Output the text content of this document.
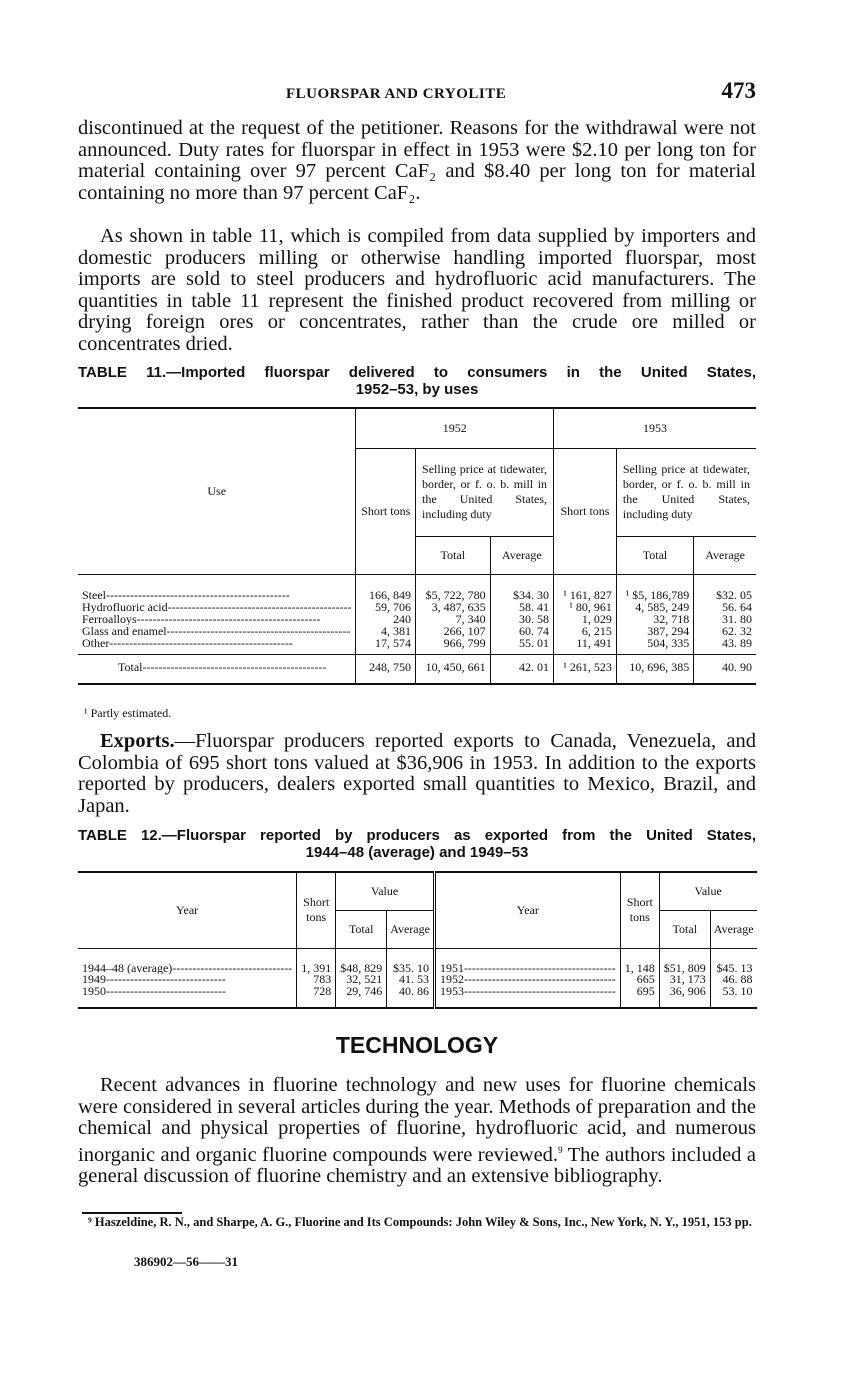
FLUORSPAR AND CRYOLITE	473

discontinued at the request of the petitioner. Reasons for the withdrawal were not announced. Duty rates for fluorspar in effect in 1953 were $2.10 per long ton for material containing over 97 percent CaF₂ and $8.40 per long ton for material containing no more than 97 percent CaF₂.

As shown in table 11, which is compiled from data supplied by importers and domestic producers milling or otherwise handling imported fluorspar, most imports are sold to steel producers and hydrofluoric acid manufacturers. The quantities in table 11 represent the finished product recovered from milling or drying foreign ores or concentrates, rather than the crude ore milled or concentrates dried.

TABLE 11.—Imported fluorspar delivered to consumers in the United States,
1952–53, by uses
Use	1952			1953		
	Short tons	Selling price at tidewater, border, or f. o. b. mill in the United States, including duty		Short tons	Selling price at tidewater, border, or f. o. b. mill in the United States, including duty	
		Total	Average		Total	Average

Steel----------------------------------------------	166, 849	$5, 722, 780	$34. 30	¹ 161, 827	¹ $5, 186,789	$32. 05

Hydrofluoric acid----------------------------------------------	59, 706	3, 487, 635	58. 41	¹ 80, 961	4, 585, 249	56. 64

Ferroalloys----------------------------------------------	240	7, 340	30. 58	1, 029	32, 718	31. 80

Glass and enamel----------------------------------------------	4, 381	266, 107	60. 74	6, 215	387, 294	62. 32

Other----------------------------------------------	17, 574	966, 799	55. 01	11, 491	504, 335	43. 89

Total----------------------------------------------	248, 750	10, 450, 661	42. 01	¹ 261, 523	10, 696, 385	40. 90
¹ Partly estimated.

Exports.—Fluorspar producers reported exports to Canada, Venezuela, and Colombia of 695 short tons valued at $36,906 in 1953. In addition to the exports reported by producers, dealers exported small quantities to Mexico, Brazil, and Japan.

TABLE 12.—Fluorspar reported by producers as exported from the United States,
1944–48 (average) and 1949–53
Year	Short tons	Value		Year	Short tons	Value	
		Total	Average			Total	Average

1944–48 (average)------------------------------	1, 391	$48, 829	$35. 10	1951--------------------------------------	1, 148	$51, 809	$45. 13

1949------------------------------	783	32, 521	41. 53	1952--------------------------------------	665	31, 173	46. 88

1950------------------------------	728	29, 746	40. 86	1953--------------------------------------	695	36, 906	53. 10
TECHNOLOGY

Recent advances in fluorine technology and new uses for fluorine chemicals were considered in several articles during the year. Methods of preparation and the chemical and physical properties of fluorine, hydrofluoric acid, and numerous inorganic and organic fluorine compounds were reviewed.$^9$ The authors included a general discussion of fluorine chemistry and an extensive bibliography.

⁹ Haszeldine, R. N., and Sharpe, A. G., Fluorine and Its Compounds: John Wiley & Sons, Inc., New York, N. Y., 1951, 153 pp.
386902—56——31
